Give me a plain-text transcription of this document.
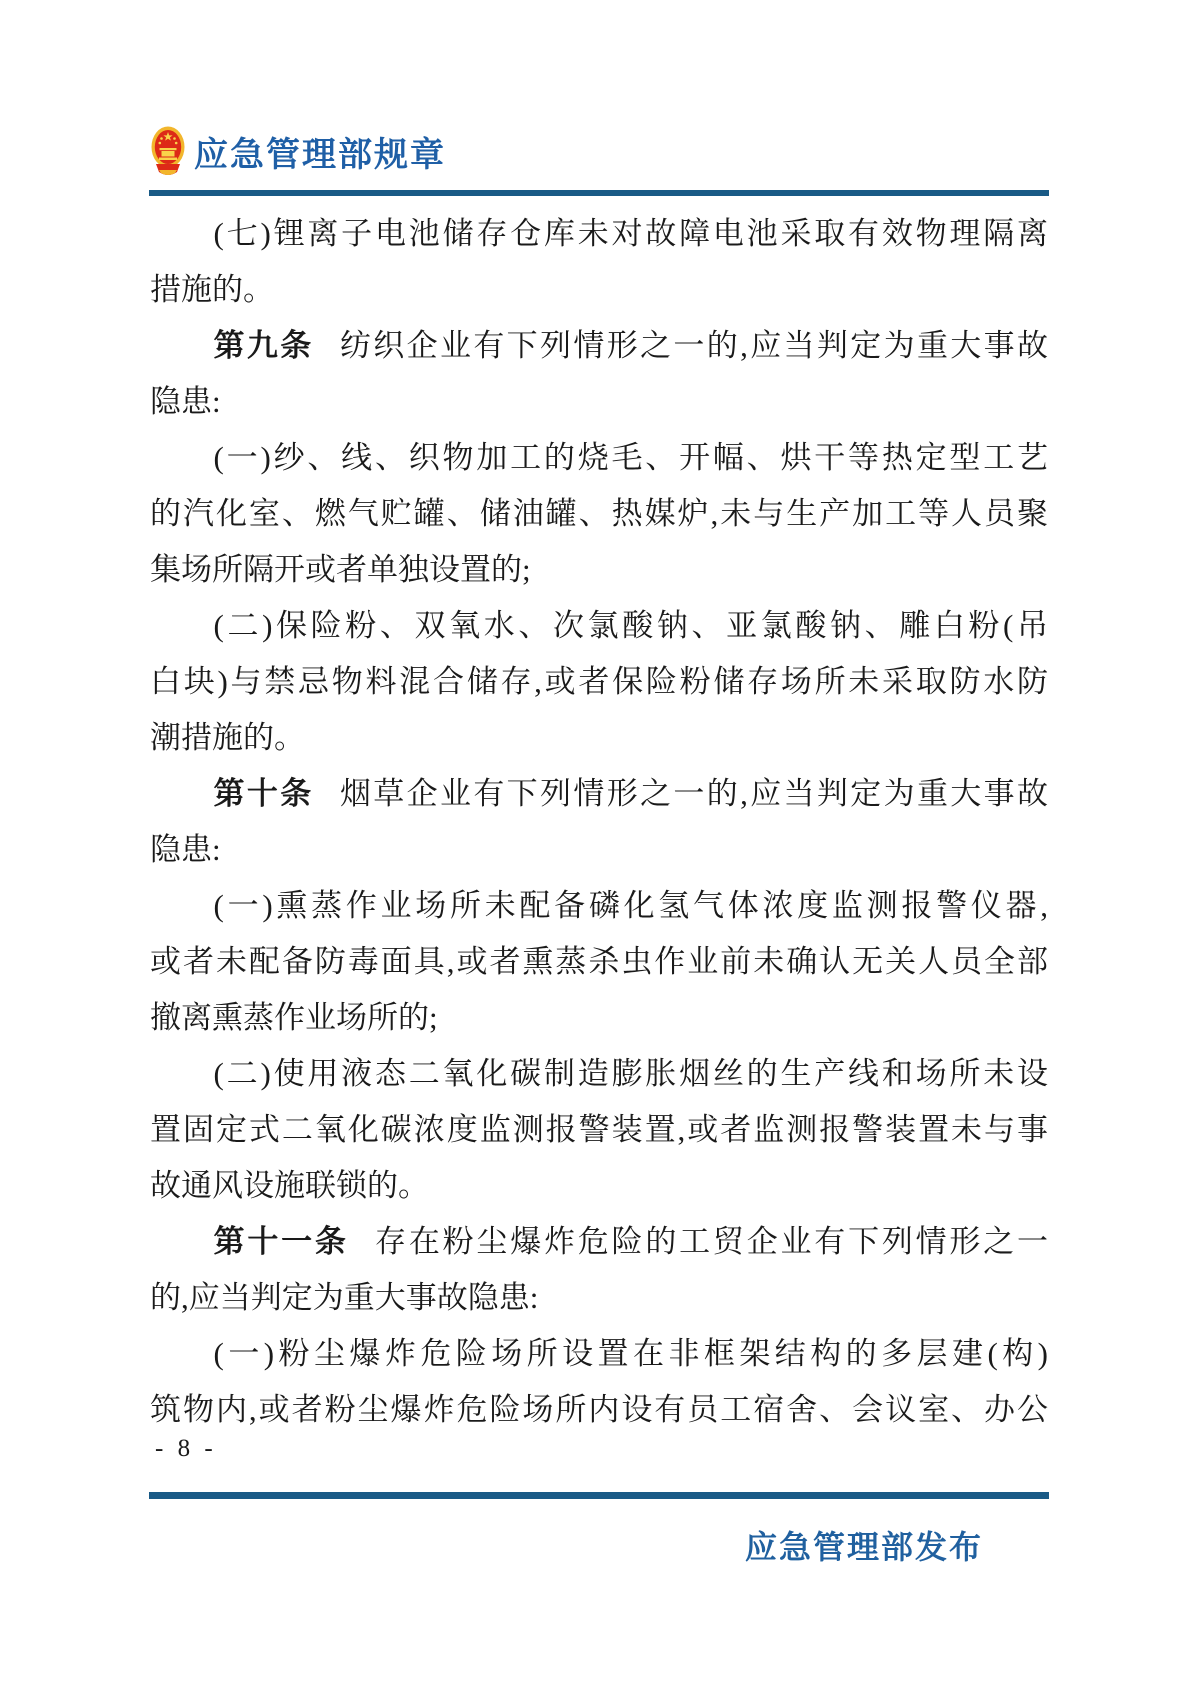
应急管理部规章
(七)锂离子电池储存仓库未对故障电池采取有效物理隔离
措施的。
第九条 纺织企业有下列情形之一的,应当判定为重大事故
隐患:
(一)纱、线、织物加工的烧毛、开幅、烘干等热定型工艺
的汽化室、燃气贮罐、储油罐、热媒炉,未与生产加工等人员聚
集场所隔开或者单独设置的;
(二)保险粉、双氧水、次氯酸钠、亚氯酸钠、雕白粉(吊
白块)与禁忌物料混合储存,或者保险粉储存场所未采取防水防
潮措施的。
第十条 烟草企业有下列情形之一的,应当判定为重大事故
隐患:
(一)熏蒸作业场所未配备磷化氢气体浓度监测报警仪器,
或者未配备防毒面具,或者熏蒸杀虫作业前未确认无关人员全部
撤离熏蒸作业场所的;
(二)使用液态二氧化碳制造膨胀烟丝的生产线和场所未设
置固定式二氧化碳浓度监测报警装置,或者监测报警装置未与事
故通风设施联锁的。
第十一条 存在粉尘爆炸危险的工贸企业有下列情形之一
的,应当判定为重大事故隐患:
(一)粉尘爆炸危险场所设置在非框架结构的多层建(构)
筑物内,或者粉尘爆炸危险场所内设有员工宿舍、会议室、办公
- 8 -
应急管理部发布
